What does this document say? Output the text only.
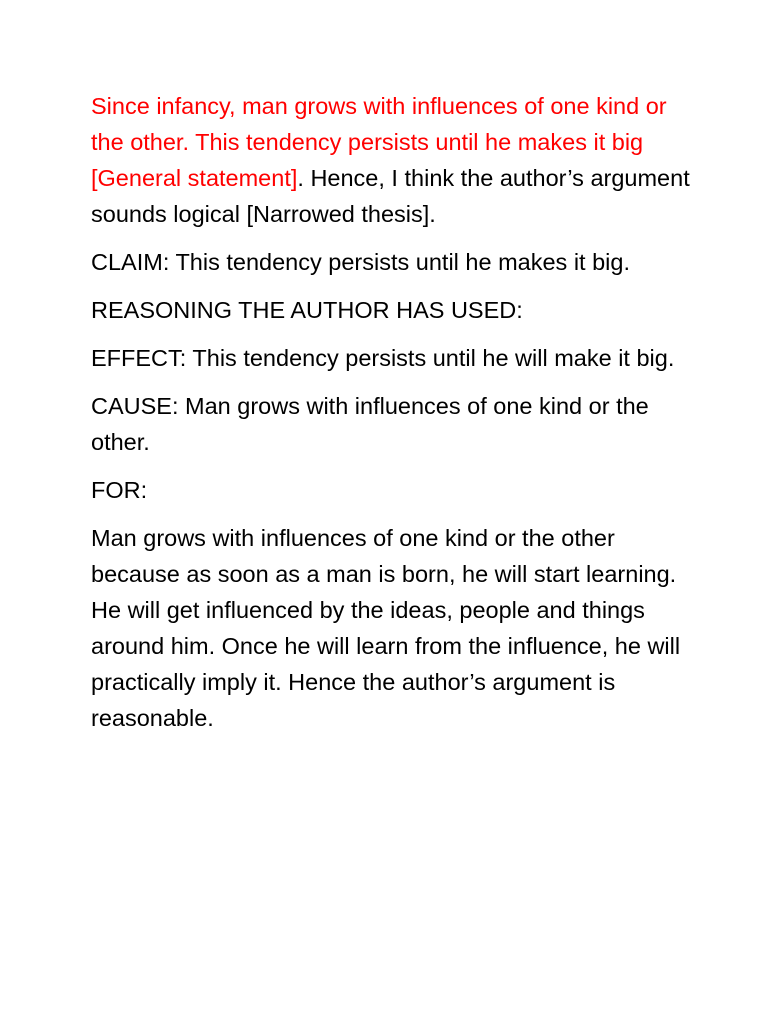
Since infancy, man grows with influences of one kind or the other. This tendency persists until he makes it big [General statement]. Hence, I think the author’s argument sounds logical [Narrowed thesis].

CLAIM: This tendency persists until he makes it big.

REASONING THE AUTHOR HAS USED:

EFFECT: This tendency persists until he will make it big.

CAUSE: Man grows with influences of one kind or the other.

FOR:

Man grows with influences of one kind or the other because as soon as a man is born, he will start learning. He will get influenced by the ideas, people and things around him. Once he will learn from the influence, he will practically imply it. Hence the author’s argument is reasonable.
